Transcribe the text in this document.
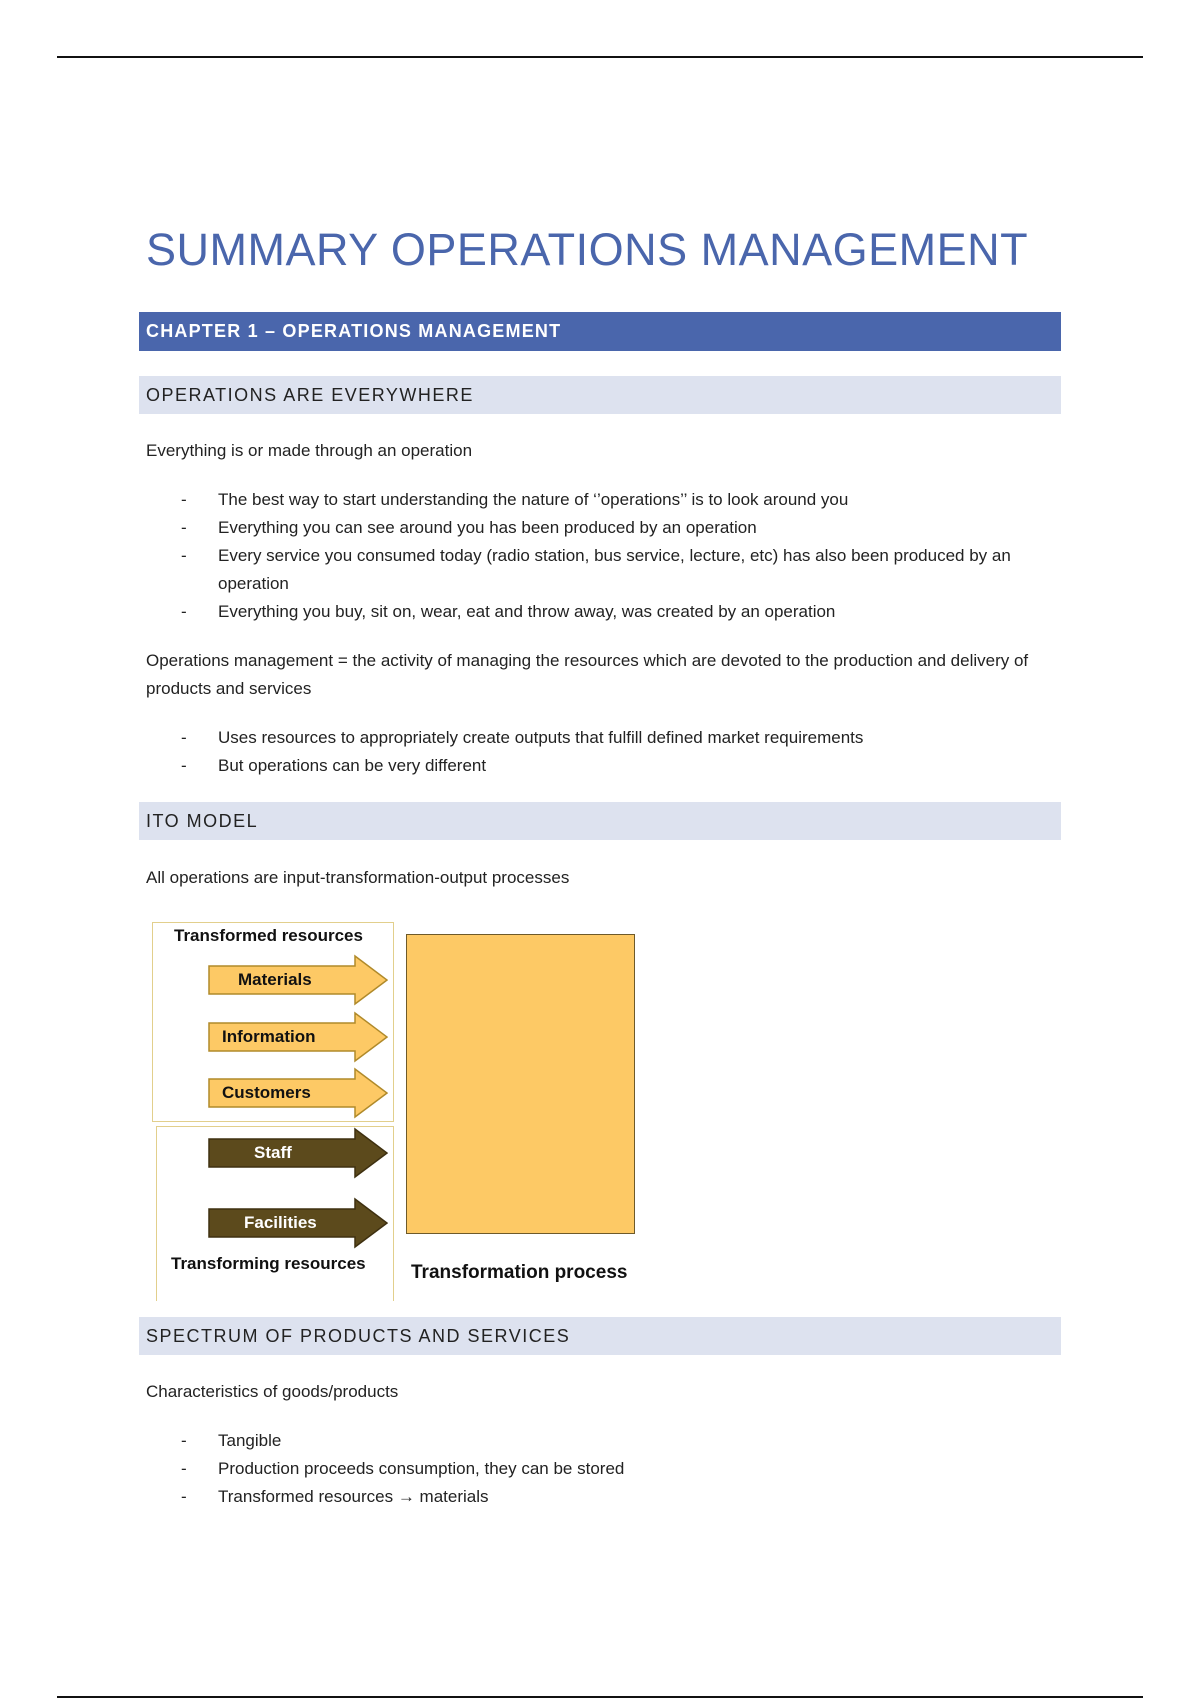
SUMMARY OPERATIONS MANAGEMENT
CHAPTER 1 – OPERATIONS MANAGEMENT
OPERATIONS ARE EVERYWHERE

Everything is or made through an operation

- The best way to start understanding the nature of ‘’operations’’ is to look around you
- Everything you can see around you has been produced by an operation
- Every service you consumed today (radio station, bus service, lecture, etc) has also been produced by an operation
- Everything you buy, sit on, wear, eat and throw away, was created by an operation

Operations management = the activity of managing the resources which are devoted to the production and delivery of products and services

- Uses resources to appropriately create outputs that fulfill defined market requirements
- But operations can be very different
ITO MODEL

All operations are input-transformation-output processes

Transformed resources
Materials
Information
Customers
Staff
Facilities
Transforming resources Transformation process
SPECTRUM OF PRODUCTS AND SERVICES

Characteristics of goods/products

- Tangible
- Production proceeds consumption, they can be stored
- Transformed resources → materials
